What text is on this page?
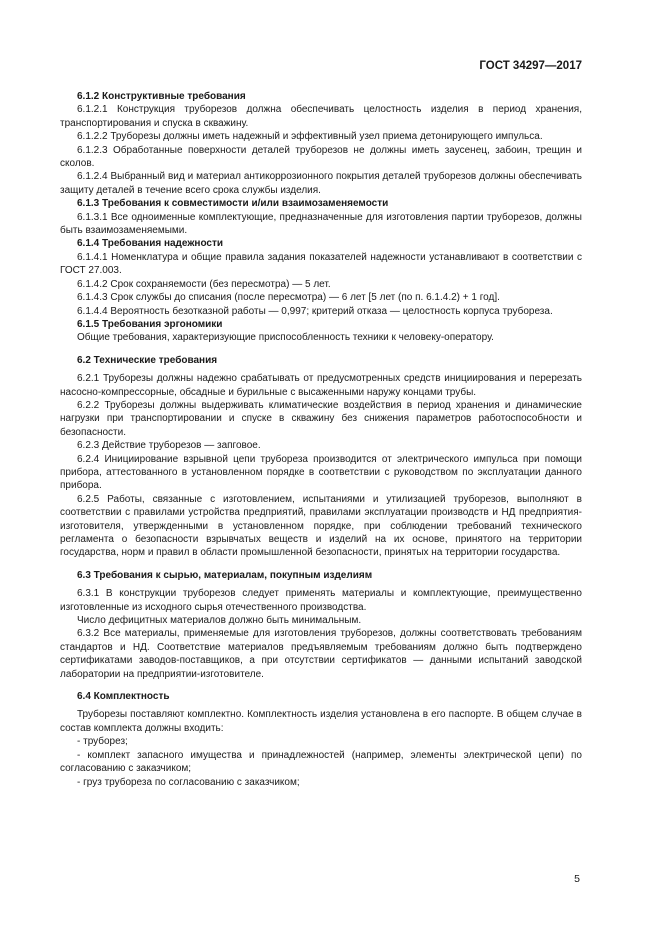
ГОСТ 34297—2017

6.1.2 Конструктивные требования

6.1.2.1 Конструкция труборезов должна обеспечивать целостность изделия в период хранения, транспортирования и спуска в скважину.

6.1.2.2 Труборезы должны иметь надежный и эффективный узел приема детонирующего импульса.

6.1.2.3 Обработанные поверхности деталей труборезов не должны иметь заусенец, забоин, трещин и сколов.

6.1.2.4 Выбранный вид и материал антикоррозионного покрытия деталей труборезов должны обеспечивать защиту деталей в течение всего срока службы изделия.

6.1.3 Требования к совместимости и/или взаимозаменяемости

6.1.3.1 Все одноименные комплектующие, предназначенные для изготовления партии труборезов, должны быть взаимозаменяемыми.

6.1.4 Требования надежности

6.1.4.1 Номенклатура и общие правила задания показателей надежности устанавливают в соответствии с ГОСТ 27.003.

6.1.4.2 Срок сохраняемости (без пересмотра) — 5 лет.

6.1.4.3 Срок службы до списания (после пересмотра) — 6 лет [5 лет (по п. 6.1.4.2) + 1 год].

6.1.4.4 Вероятность безотказной работы — 0,997; критерий отказа — целостность корпуса трубореза.

6.1.5 Требования эргономики

Общие требования, характеризующие приспособленность техники к человеку-оператору.

6.2 Технические требования

6.2.1 Труборезы должны надежно срабатывать от предусмотренных средств инициирования и перерезать насосно-компрессорные, обсадные и бурильные с высаженными наружу концами трубы.

6.2.2 Труборезы должны выдерживать климатические воздействия в период хранения и динамические нагрузки при транспортировании и спуске в скважину без снижения параметров работоспособности и безопасности.

6.2.3 Действие труборезов — запговое.

6.2.4 Инициирование взрывной цепи трубореза производится от электрического импульса при помощи прибора, аттестованного в установленном порядке в соответствии с руководством по эксплуатации данного прибора.

6.2.5 Работы, связанные с изготовлением, испытаниями и утилизацией труборезов, выполняют в соответствии с правилами устройства предприятий, правилами эксплуатации производств и НД предприятия-изготовителя, утвержденными в установленном порядке, при соблюдении требований технического регламента о безопасности взрывчатых веществ и изделий на их основе, принятого на территории государства, норм и правил в области промышленной безопасности, принятых на территории государства.

6.3 Требования к сырью, материалам, покупным изделиям

6.3.1 В конструкции труборезов следует применять материалы и комплектующие, преимущественно изготовленные из исходного сырья отечественного производства.

Число дефицитных материалов должно быть минимальным.

6.3.2 Все материалы, применяемые для изготовления труборезов, должны соответствовать требованиям стандартов и НД. Соответствие материалов предъявляемым требованиям должно быть подтверждено сертификатами заводов-поставщиков, а при отсутствии сертификатов — данными испытаний заводской лаборатории на предприятии-изготовителе.

6.4 Комплектность

Труборезы поставляют комплектно. Комплектность изделия установлена в его паспорте. В общем случае в состав комплекта должны входить:

- труборез;

- комплект запасного имущества и принадлежностей (например, элементы электрической цепи) по согласованию с заказчиком;

- груз трубореза по согласованию с заказчиком;

5
